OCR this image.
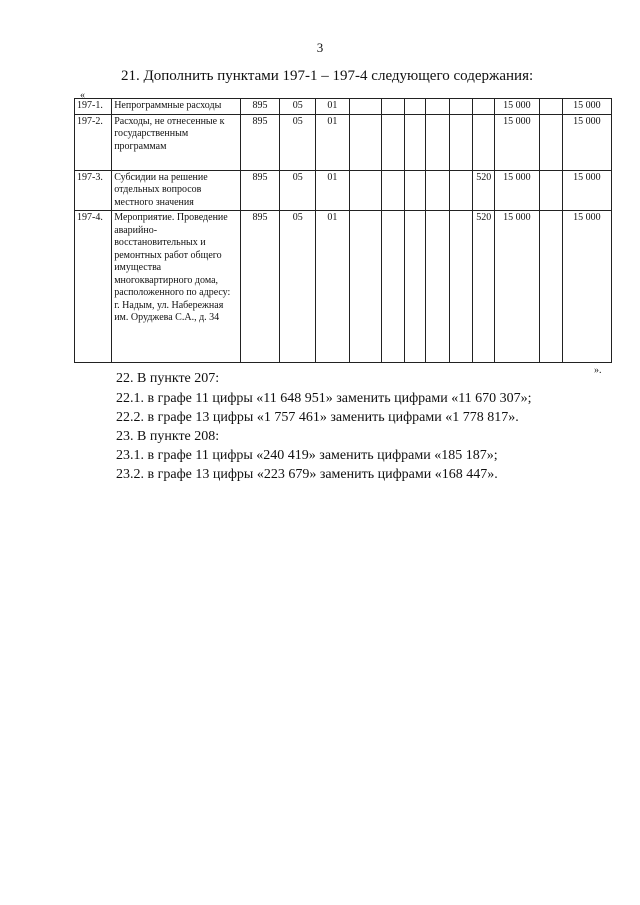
3
21. Дополнить пунктами 197-1 – 197-4 следующего содержания:
«
197-1.	Непрограммные расходы	895	05	01							15 000		15 000
197-2.	Расходы, не отнесенные к государственным программам	895	05	01							15 000		15 000
197-3.	Субсидии на решение отдельных вопросов местного значения	895	05	01						520	15 000		15 000
197-4.	Мероприятие. Проведение аварийно-восстановительных и ремонтных работ общего имущества многоквартирного дома, расположенного по адресу: г. Надым, ул. Набережная им. Оруджева С.А., д. 34	895	05	01						520	15 000		15 000
».
22. В пункте 207:
22.1. в графе 11 цифры «11 648 951» заменить цифрами «11 670 307»;
22.2. в графе 13 цифры «1 757 461» заменить цифрами «1 778 817».
23. В пункте 208:
23.1. в графе 11 цифры «240 419» заменить цифрами «185 187»;
23.2. в графе 13 цифры «223 679» заменить цифрами «168 447».
